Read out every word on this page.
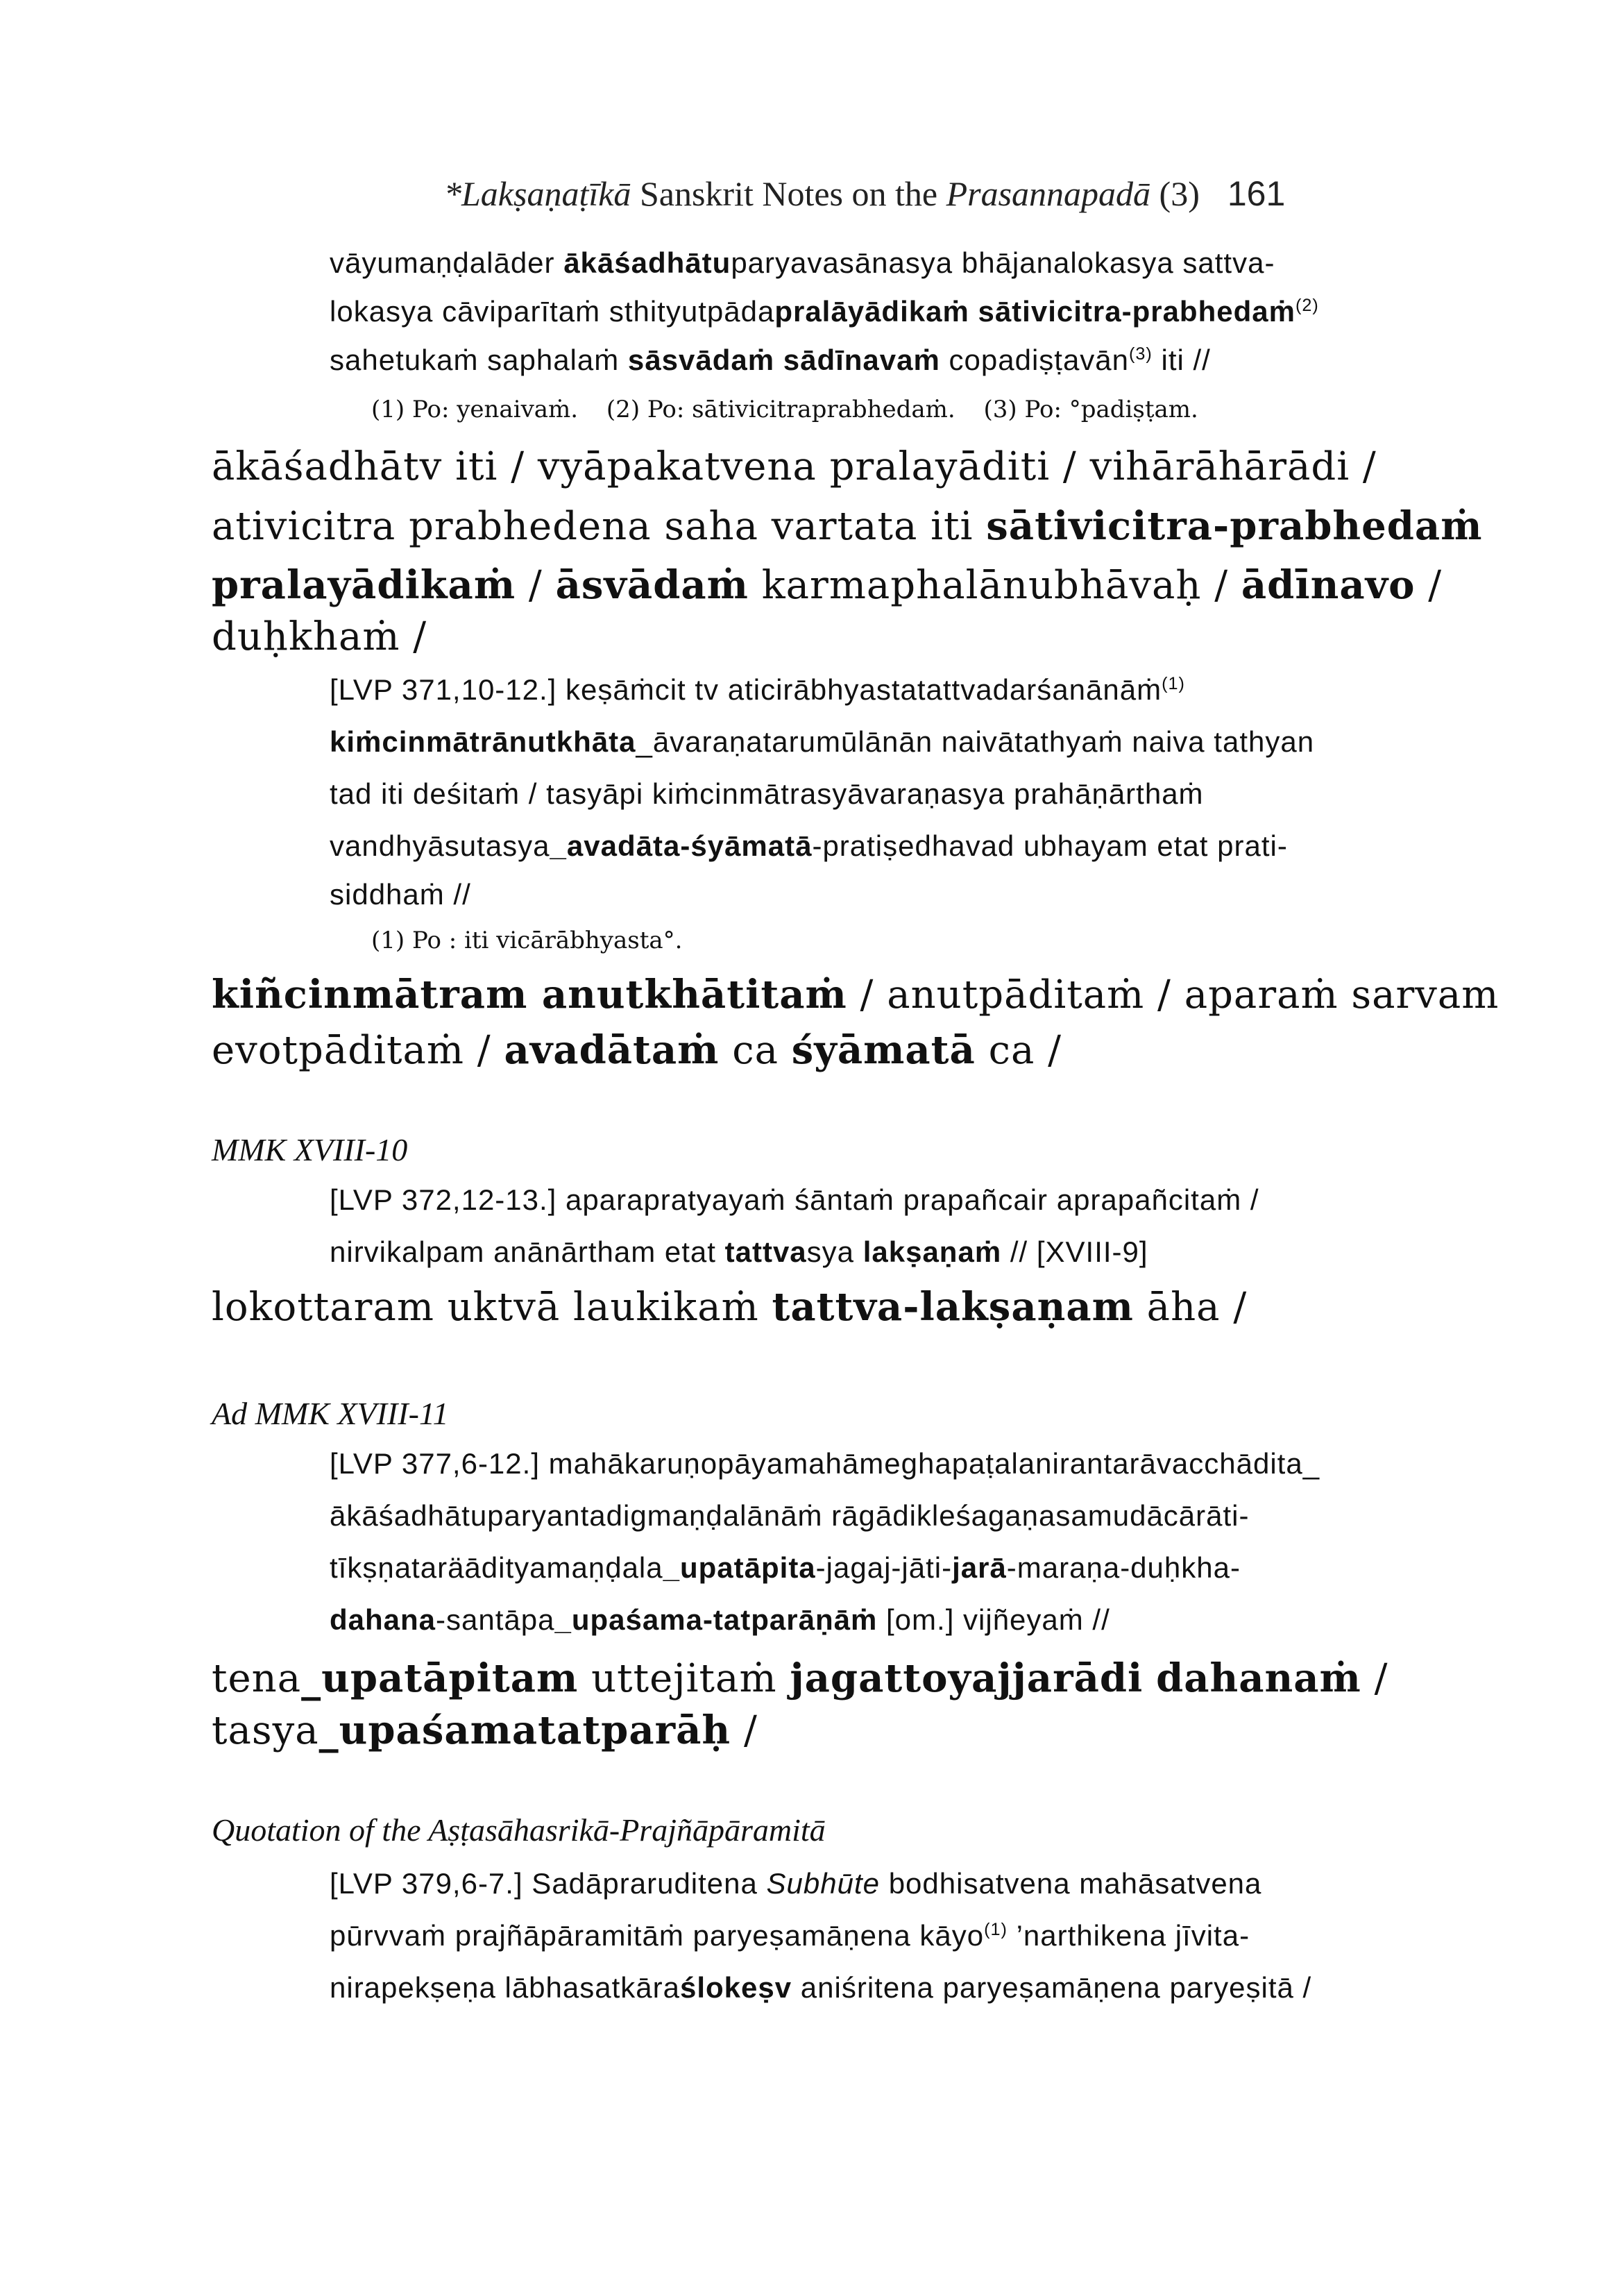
*Lakṣaṇaṭīkā Sanskrit Notes on the Prasannapadā (3) 161
vāyumaṇḍalāder ākāśadhātuparyavasānasya bhājanalokasya sattva-
lokasya cāviparītaṁ sthityutpādapralāyādikaṁ sātivicitra-prabhedaṁ$^{(2)}$
sahetukaṁ saphalaṁ sāsvādaṁ sādīnavaṁ copadiṣṭavān$^{(3)}$ iti //
(1) Po: yenaivaṁ. (2) Po: sātivicitraprabhedaṁ. (3) Po: °padiṣṭam.
ākāśadhātv iti / vyāpakatvena pralayāditi / vihārāhārādi /
ativicitra prabhedena saha vartata iti sātivicitra-prabhedaṁ
pralayādikaṁ / āsvādaṁ karmaphalānubhāvaḥ / ādīnavo /
duḥkhaṁ /
[LVP 371,10-12.] keṣāṁcit tv aticirābhyastatattvadarśanānāṁ$^{(1)}$
kiṁcinmātrānutkhāta_āvaraṇatarumūlānān naivātathyaṁ naiva tathyan
tad iti deśitaṁ / tasyāpi kiṁcinmātrasyāvaraṇasya prahāṇārthaṁ
vandhyāsutasya_avadāta-śyāmatā-pratiṣedhavad ubhayam etat prati-
siddhaṁ //
(1) Po : iti vicārābhyasta°.
kiñcinmātram anutkhātitaṁ / anutpāditaṁ / aparaṁ sarvam
evotpāditaṁ / avadātaṁ ca śyāmatā ca /
MMK XVIII-10
[LVP 372,12-13.] aparapratyayaṁ śāntaṁ prapañcair aprapañcitaṁ /
nirvikalpam anānārtham etat tattvasya lakṣaṇaṁ // [XVIII-9]
lokottaram uktvā laukikaṁ tattva-lakṣaṇam āha /
Ad MMK XVIII-11
[LVP 377,6-12.] mahākaruṇopāyamahāmeghapaṭalanirantarāvacchādita_
ākāśadhātuparyantadigmaṇḍalānāṁ rāgādikleśagaṇasamudācārāti-
tīkṣṇataräādityamaṇḍala_upatāpita-jagaj-jāti-jarā-maraṇa-duḥkha-
dahana-santāpa_upaśama-tatparāṇāṁ [om.] vijñeyaṁ //
tena_upatāpitam uttejitaṁ jagattoyajjarādi dahanaṁ /
tasya_upaśamatatparāḥ /
Quotation of the Aṣṭasāhasrikā-Prajñāpāramitā
[LVP 379,6-7.] Sadāpraruditena Subhūte bodhisatvena mahāsatvena
pūrvvaṁ prajñāpāramitāṁ paryeṣamāṇena kāyo$^{(1)}$ ’narthikena jīvita-
nirapekṣeṇa lābhasatkāraślokeṣv aniśritena paryeṣamāṇena paryeṣitā /
